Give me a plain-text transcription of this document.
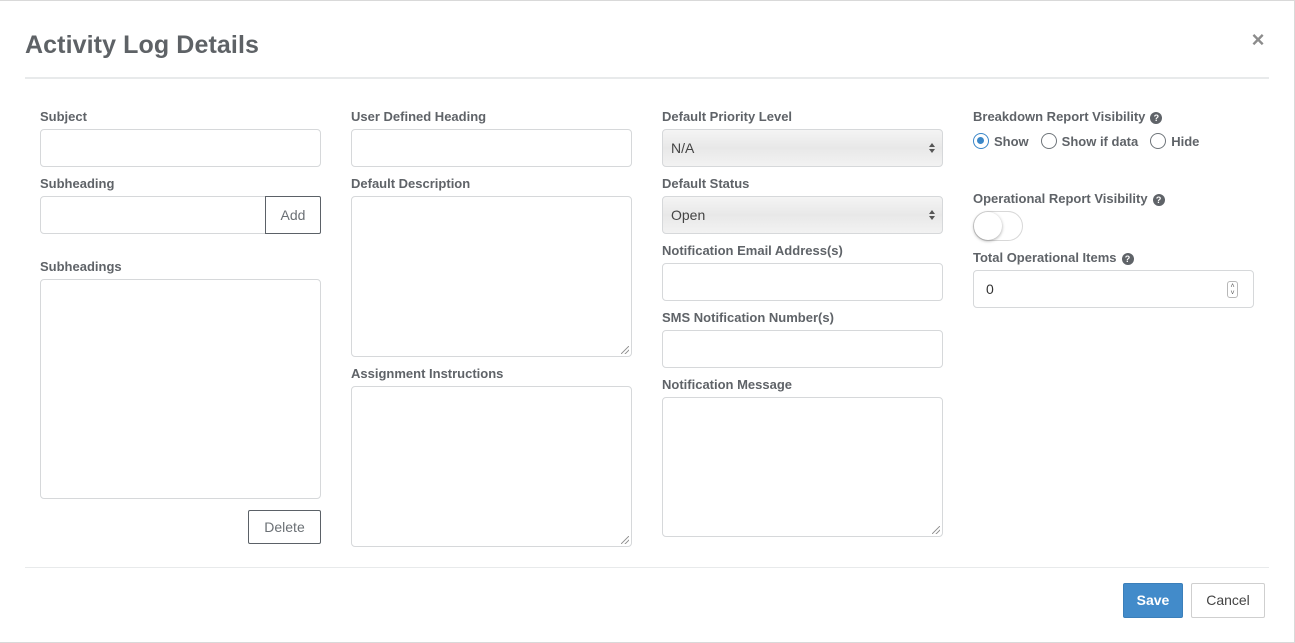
Activity Log Details	×
Subject
Subheading
Add
Subheadings
Delete
User Defined Heading
Default Description
Assignment Instructions
Default Priority Level
N/A
Default Status
Open
Notification Email Address(s)
SMS Notification Number(s)
Notification Message
Breakdown Report Visibility ?
Show	Show if data	Hide
Operational Report Visibility ?
Total Operational Items ?
0	˄
˅
Save	Cancel
